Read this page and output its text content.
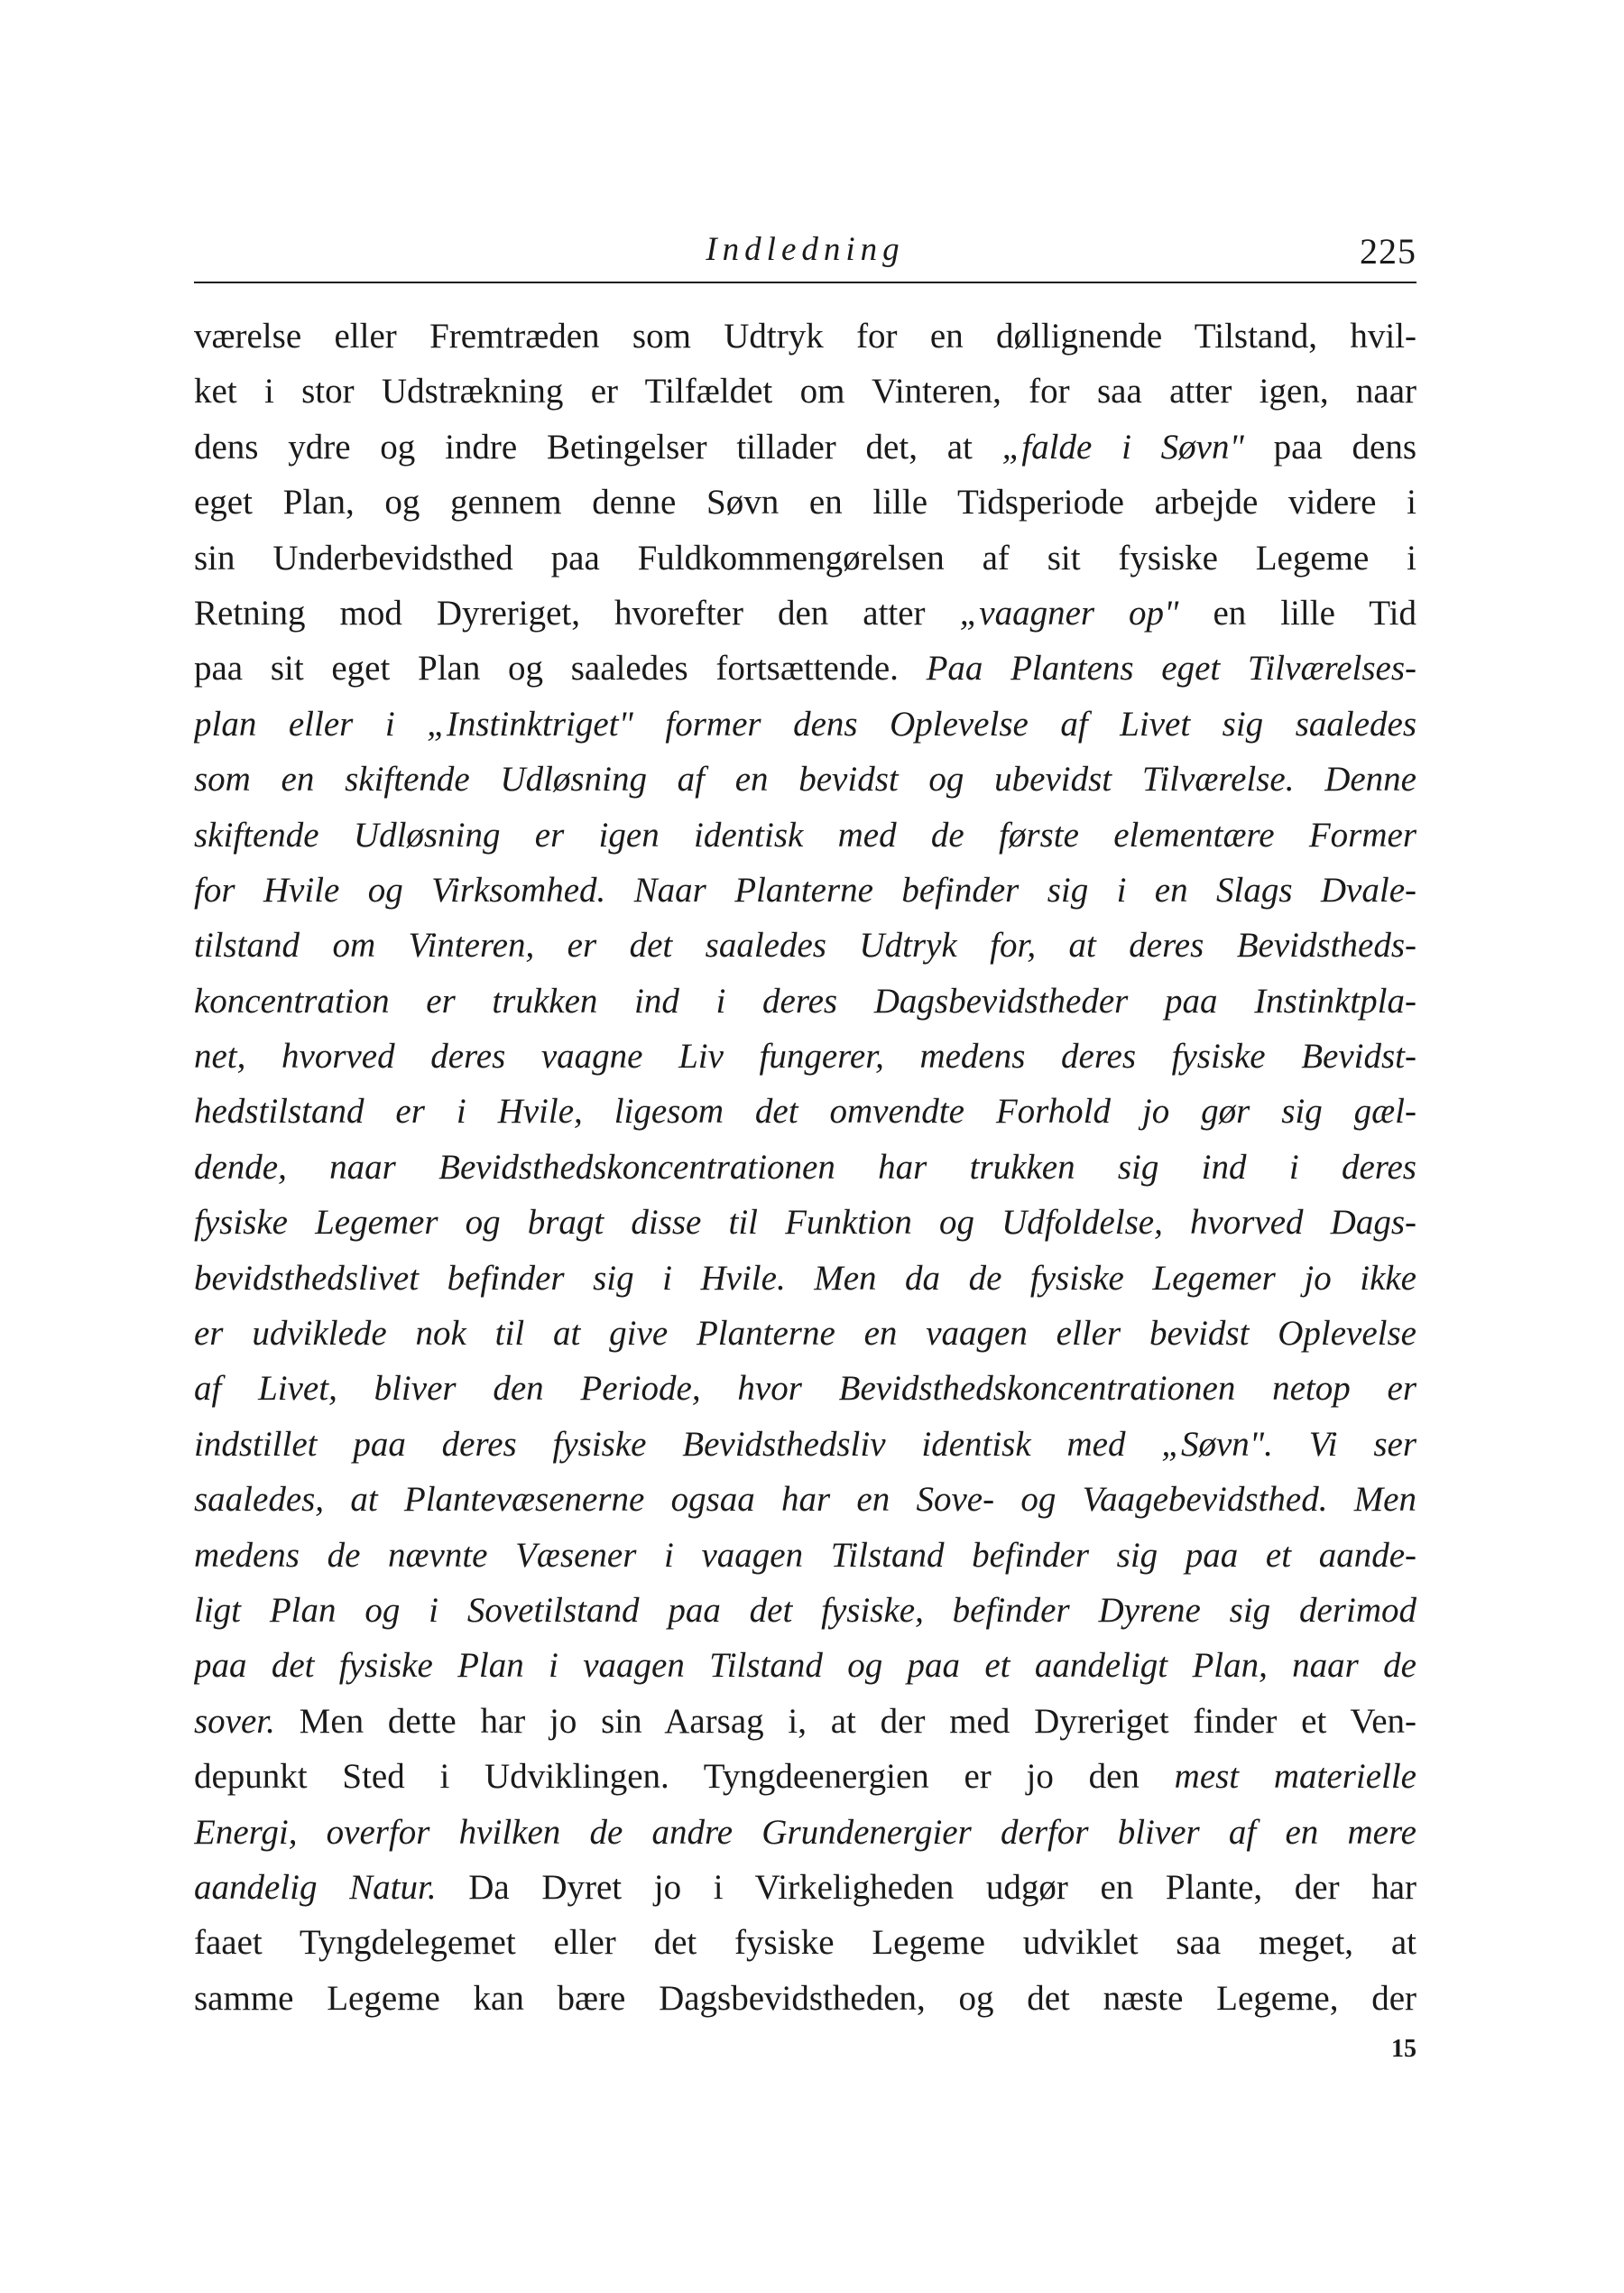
Indledning	225
værelse eller Fremtræden som Udtryk for en døllignende Tilstand, hvil-
ket i stor Udstrækning er Tilfældet om Vinteren, for saa atter igen, naar
dens ydre og indre Betingelser tillader det, at „falde i Søvn" paa dens
eget Plan, og gennem denne Søvn en lille Tidsperiode arbejde videre i
sin Underbevidsthed paa Fuldkommengørelsen af sit fysiske Legeme i
Retning mod Dyreriget, hvorefter den atter „vaagner op" en lille Tid
paa sit eget Plan og saaledes fortsættende. Paa Plantens eget Tilværelses-
plan eller i „Instinktriget" former dens Oplevelse af Livet sig saaledes
som en skiftende Udløsning af en bevidst og ubevidst Tilværelse. Denne
skiftende Udløsning er igen identisk med de første elementære Former
for Hvile og Virksomhed. Naar Planterne befinder sig i en Slags Dvale-
tilstand om Vinteren, er det saaledes Udtryk for, at deres Bevidstheds-
koncentration er trukken ind i deres Dagsbevidstheder paa Instinktpla-
net, hvorved deres vaagne Liv fungerer, medens deres fysiske Bevidst-
hedstilstand er i Hvile, ligesom det omvendte Forhold jo gør sig gæl-
dende, naar Bevidsthedskoncentrationen har trukken sig ind i deres
fysiske Legemer og bragt disse til Funktion og Udfoldelse, hvorved Dags-
bevidsthedslivet befinder sig i Hvile. Men da de fysiske Legemer jo ikke
er udviklede nok til at give Planterne en vaagen eller bevidst Oplevelse
af Livet, bliver den Periode, hvor Bevidsthedskoncentrationen netop er
indstillet paa deres fysiske Bevidsthedsliv identisk med „Søvn". Vi ser
saaledes, at Plantevæsenerne ogsaa har en Sove- og Vaagebevidsthed. Men
medens de nævnte Væsener i vaagen Tilstand befinder sig paa et aande-
ligt Plan og i Sovetilstand paa det fysiske, befinder Dyrene sig derimod
paa det fysiske Plan i vaagen Tilstand og paa et aandeligt Plan, naar de
sover. Men dette har jo sin Aarsag i, at der med Dyreriget finder et Ven-
depunkt Sted i Udviklingen. Tyngdeenergien er jo den mest materielle
Energi, overfor hvilken de andre Grundenergier derfor bliver af en mere
aandelig Natur. Da Dyret jo i Virkeligheden udgør en Plante, der har
faaet Tyngdelegemet eller det fysiske Legeme udviklet saa meget, at
samme Legeme kan bære Dagsbevidstheden, og det næste Legeme, der
15
